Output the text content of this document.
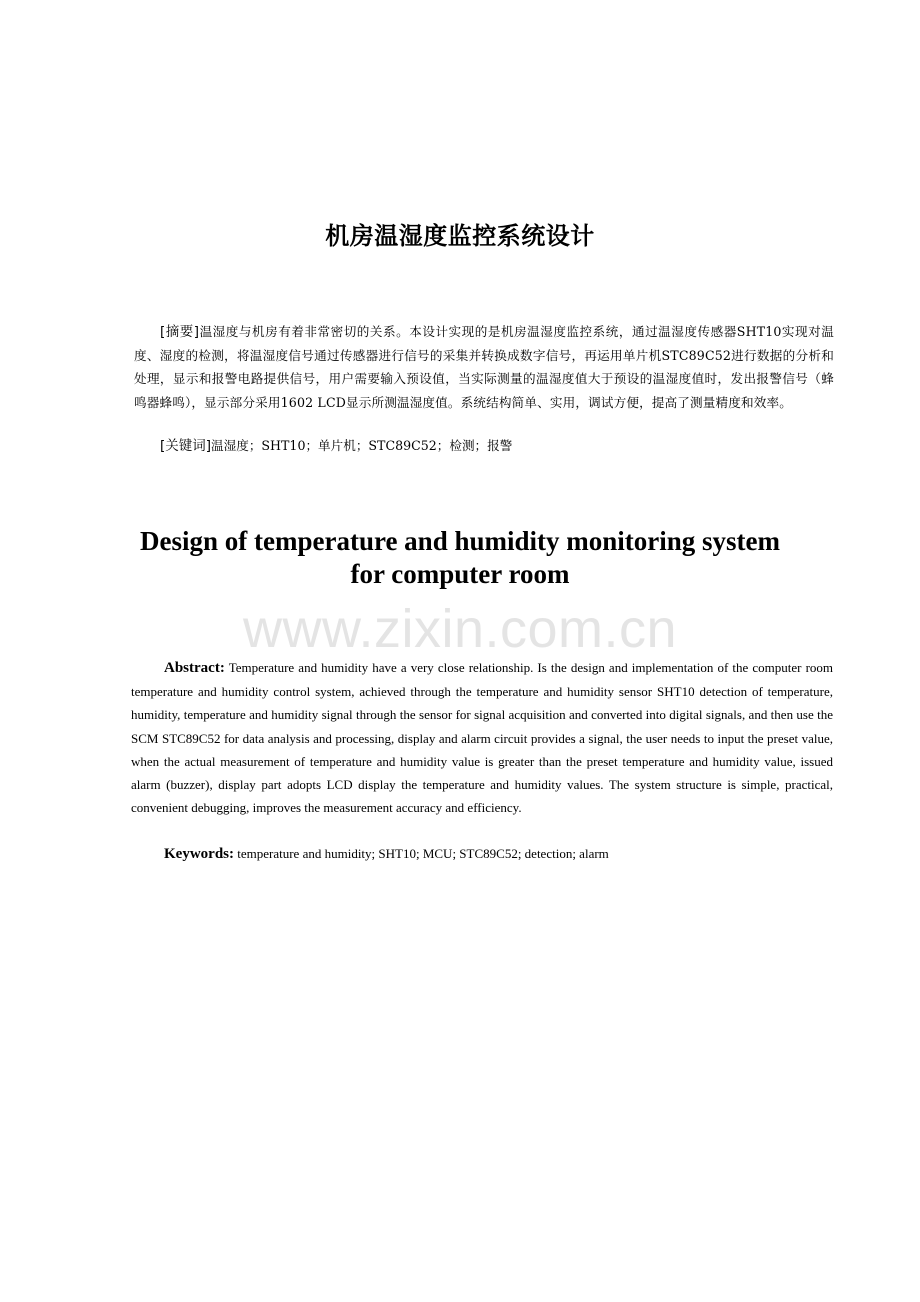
机房温湿度监控系统设计
[摘要]温湿度与机房有着非常密切的关系。本设计实现的是机房温湿度监控系统，通过温湿度传感器SHT10实现对温度、湿度的检测，将温湿度信号通过传感器进行信号的采集并转换成数字信号，再运用单片机STC89C52进行数据的分析和处理，显示和报警电路提供信号，用户需要输入预设值，当实际测量的温湿度值大于预设的温湿度值时，发出报警信号（蜂鸣器蜂鸣），显示部分采用1602 LCD显示所测温湿度值。系统结构简单、实用，调试方便，提高了测量精度和效率。
[关键词]温湿度；SHT10；单片机；STC89C52；检测；报警
Design of temperature and humidity monitoring system
for computer room
www.zixin.com.cn
Abstract: Temperature and humidity have a very close relationship. Is the design and implementation of the computer room temperature and humidity control system, achieved through the temperature and humidity sensor SHT10 detection of temperature, humidity, temperature and humidity signal through the sensor for signal acquisition and converted into digital signals, and then use the SCM STC89C52 for data analysis and processing, display and alarm circuit provides a signal, the user needs to input the preset value, when the actual measurement of temperature and humidity value is greater than the preset temperature and humidity value, issued alarm (buzzer), display part adopts LCD display the temperature and humidity values. The system structure is simple, practical, convenient debugging, improves the measurement accuracy and efficiency.
Keywords: temperature and humidity; SHT10; MCU; STC89C52; detection; alarm
